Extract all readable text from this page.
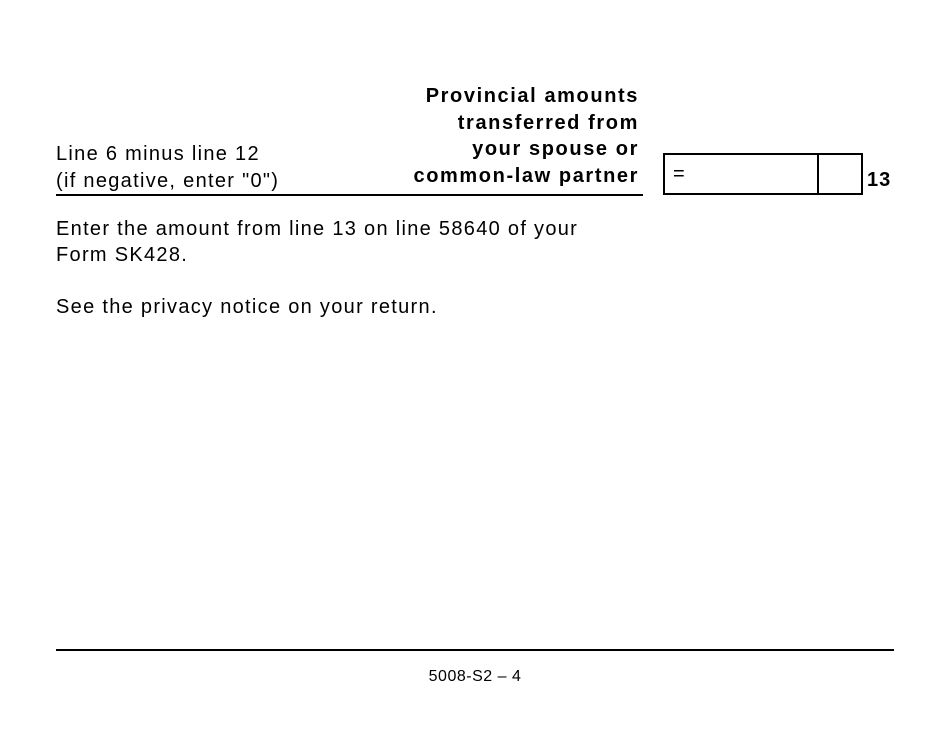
Line 6 minus line 12
(if negative, enter "0")
Provincial amounts
transferred from
your spouse or
common-law partner =	13
Enter the amount from line 13 on line 58640 of your
Form SK428.
See the privacy notice on your return.
5008-S2 – 4
